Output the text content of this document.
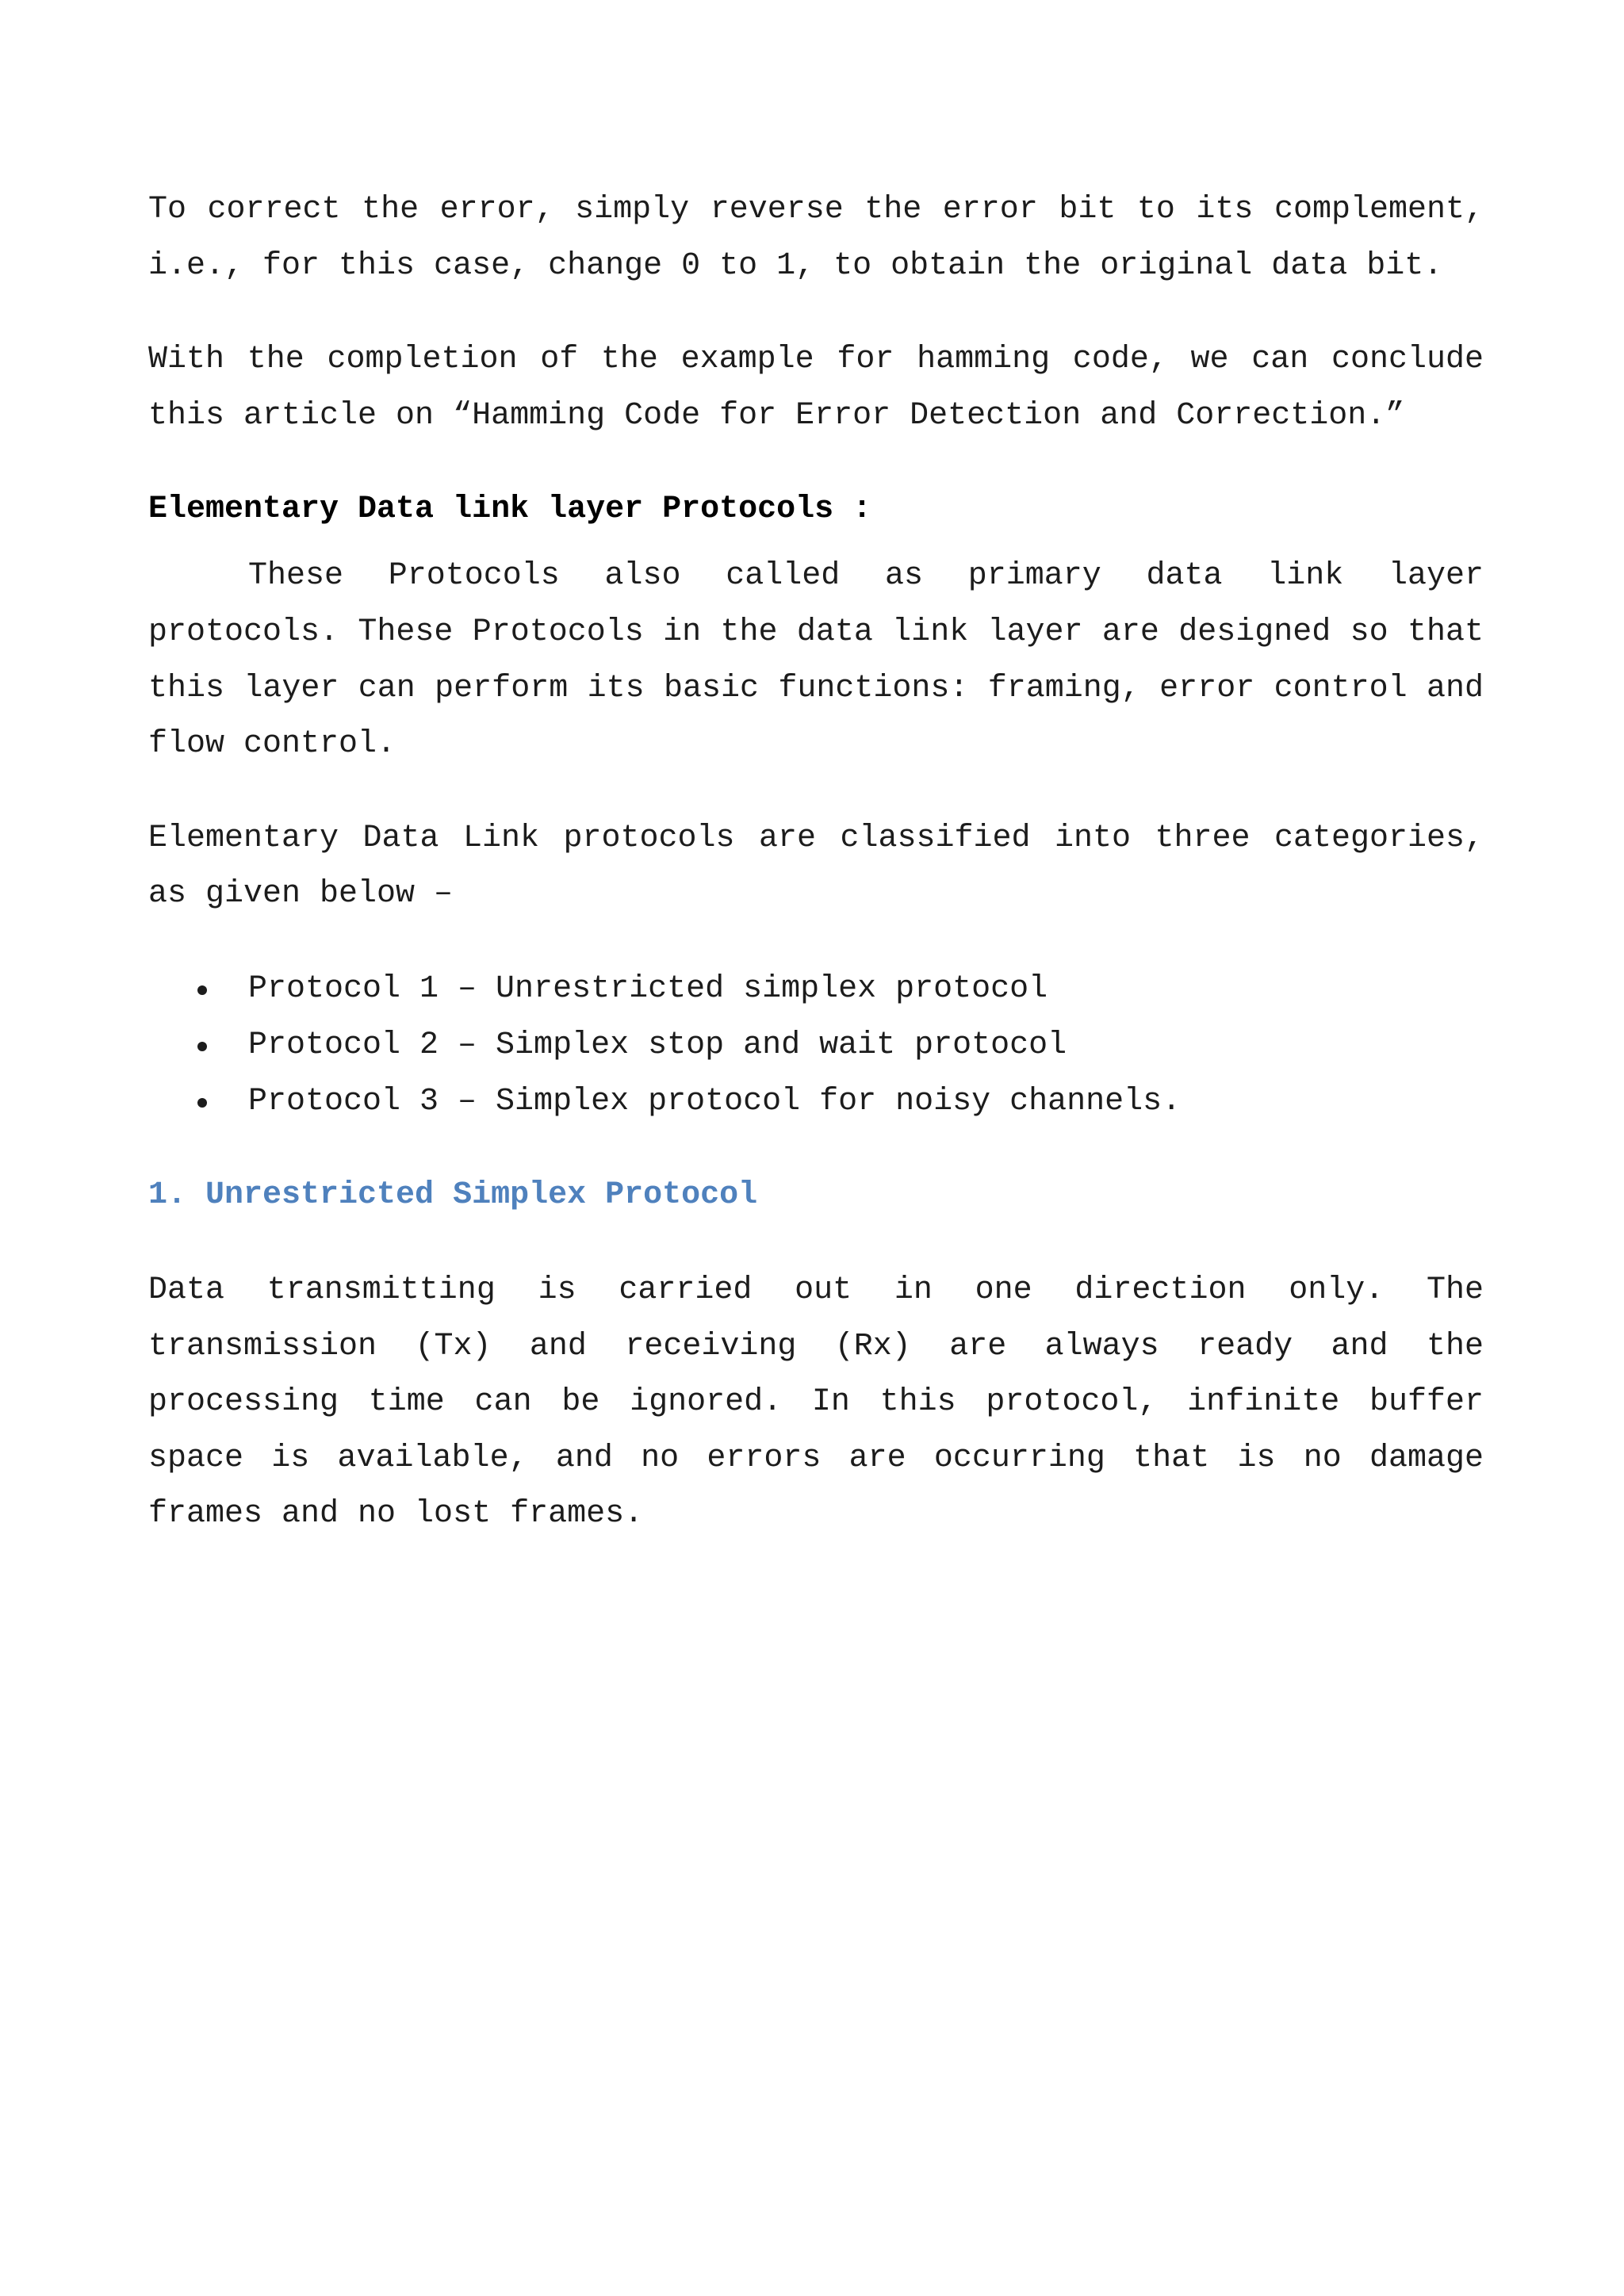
To correct the error, simply reverse the error bit to its complement, i.e., for this case, change 0 to 1, to obtain the original data bit.

With the completion of the example for hamming code, we can conclude this article on “Hamming Code for Error Detection and Correction.”

Elementary Data link layer Protocols :

These Protocols also called as primary data link layer protocols. These Protocols in the data link layer are designed so that this layer can perform its basic functions: framing, error control and flow control.

Elementary Data Link protocols are classified into three categories, as given below –

Protocol 1 – Unrestricted simplex protocol
Protocol 2 – Simplex stop and wait protocol
Protocol 3 – Simplex protocol for noisy channels.

1. Unrestricted Simplex Protocol

Data transmitting is carried out in one direction only. The transmission (Tx) and receiving (Rx) are always ready and the processing time can be ignored. In this protocol, infinite buffer space is available, and no errors are occurring that is no damage frames and no lost frames.
